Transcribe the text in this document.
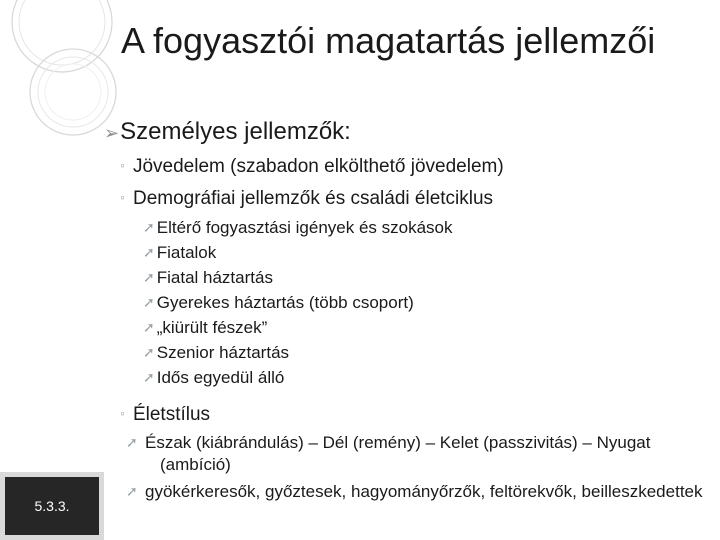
A fogyasztói magatartás jellemzői
➢Személyes jellemzők:
◦ Jövedelem (szabadon elkölthető jövedelem)
◦ Demográfiai jellemzők és családi életciklus
➚ Eltérő fogyasztási igények és szokások
➚ Fiatalok
➚ Fiatal háztartás
➚ Gyerekes háztartás (több csoport)
➚ „kiürült fészek”
➚ Szenior háztartás
➚ Idős egyedül álló
◦ Életstílus
➚ Észak (kiábrándulás) – Dél (remény) – Kelet (passzivitás) – Nyugat (ambíció)
➚ gyökérkeresők, győztesek, hagyományőrzők, feltörekvők, beilleszkedettek
5.3.3.
